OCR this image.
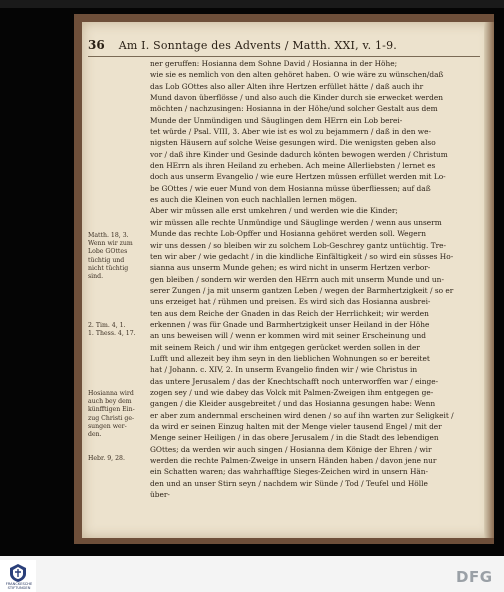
36 Am I. Sonntage des Advents / Matth. XXI, v. 1-9.
ner geruffen: Hosianna dem Sohne David / Hosianna in der Höhe;
wie sie es nemlich von den alten gehöret haben. O wie wäre zu wünschen/daß
das Lob GOttes also aller Alten ihre Hertzen erfüllet hätte / daß auch ihr
Mund davon überflösse / und also auch die Kinder durch sie erwecket werden
möchten / nachzusingen: Hosianna in der Höhe/und solcher Gestalt aus dem
Munde der Unmündigen und Säuglingen dem HErrn ein Lob berei-
tet würde / Psal. VIII, 3. Aber wie ist es wol zu bejammern / daß in den we-
nigsten Häusern auf solche Weise gesungen wird. Die wenigsten geben also
vor / daß ihre Kinder und Gesinde dadurch könten bewogen werden / Christum
den HErrn als ihren Heiland zu erheben. Ach meine Allerliebsten / lernet es
doch aus unserm Evangelio / wie eure Hertzen müssen erfüllet werden mit Lo-
be GOttes / wie euer Mund von dem Hosianna müsse überfliessen; auf daß
es auch die Kleinen von euch nachlallen lernen mögen.
Aber wir müssen alle erst umkehren / und werden wie die Kinder;
wir müssen alle rechte Unmündige und Säuglinge werden / wenn aus unserm
Munde das rechte Lob-Opffer und Hosianna gehöret werden soll. Wegern
wir uns dessen / so bleiben wir zu solchem Lob-Geschrey gantz untüchtig. Tre-
ten wir aber / wie gedacht / in die kindliche Einfältigkeit / so wird ein süsses Ho-
sianna aus unserm Munde gehen; es wird nicht in unserm Hertzen verbor-
gen bleiben / sondern wir werden den HErrn auch mit unserm Munde und un-
serer Zungen / ja mit unserm gantzen Leben / wegen der Barmhertzigkeit / so er
uns erzeiget hat / rühmen und preisen. Es wird sich das Hosianna ausbrei-
ten aus dem Reiche der Gnaden in das Reich der Herrlichkeit; wir werden
erkennen / was für Gnade und Barmhertzigkeit unser Heiland in der Höhe
an uns beweisen will / wenn er kommen wird mit seiner Erscheinung und
mit seinem Reich / und wir ihm entgegen gerücket werden sollen in der
Lufft und allezeit bey ihm seyn in den lieblichen Wohnungen so er bereitet
hat / Johann. c. XIV, 2. In unserm Evangelio finden wir / wie Christus in
das untere Jerusalem / das der Knechtschafft noch unterworffen war / einge-
zogen sey / und wie dabey das Volck mit Palmen-Zweigen ihm entgegen ge-
gangen / die Kleider ausgebreitet / und das Hosianna gesungen habe: Wenn
er aber zum andernmal erscheinen wird denen / so auf ihn warten zur Seligkeit /
da wird er seinen Einzug halten mit der Menge vieler tausend Engel / mit der
Menge seiner Heiligen / in das obere Jerusalem / in die Stadt des lebendigen
GOttes; da werden wir auch singen / Hosianna dem Könige der Ehren / wir
werden die rechte Palmen-Zweige in unsern Händen haben / davon jene nur
ein Schatten waren; das wahrhafftige Sieges-Zeichen wird in unsern Hän-
den und an unser Stirn seyn / nachdem wir Sünde / Tod / Teufel und Hölle
über-
Matth. 18, 3.
Wenn wir zum
Lobe GOttes
tüchtig und
nicht tüchtig
sind.
2. Tim. 4, 1.
1. Thess. 4, 17.
Hosianna wird
auch bey dem
künfftigen Ein-
zug Christi ge-
sungen wer-
den.
Hebr. 9, 28.
FRANCKESCHE STIFTUNGEN
DFG
